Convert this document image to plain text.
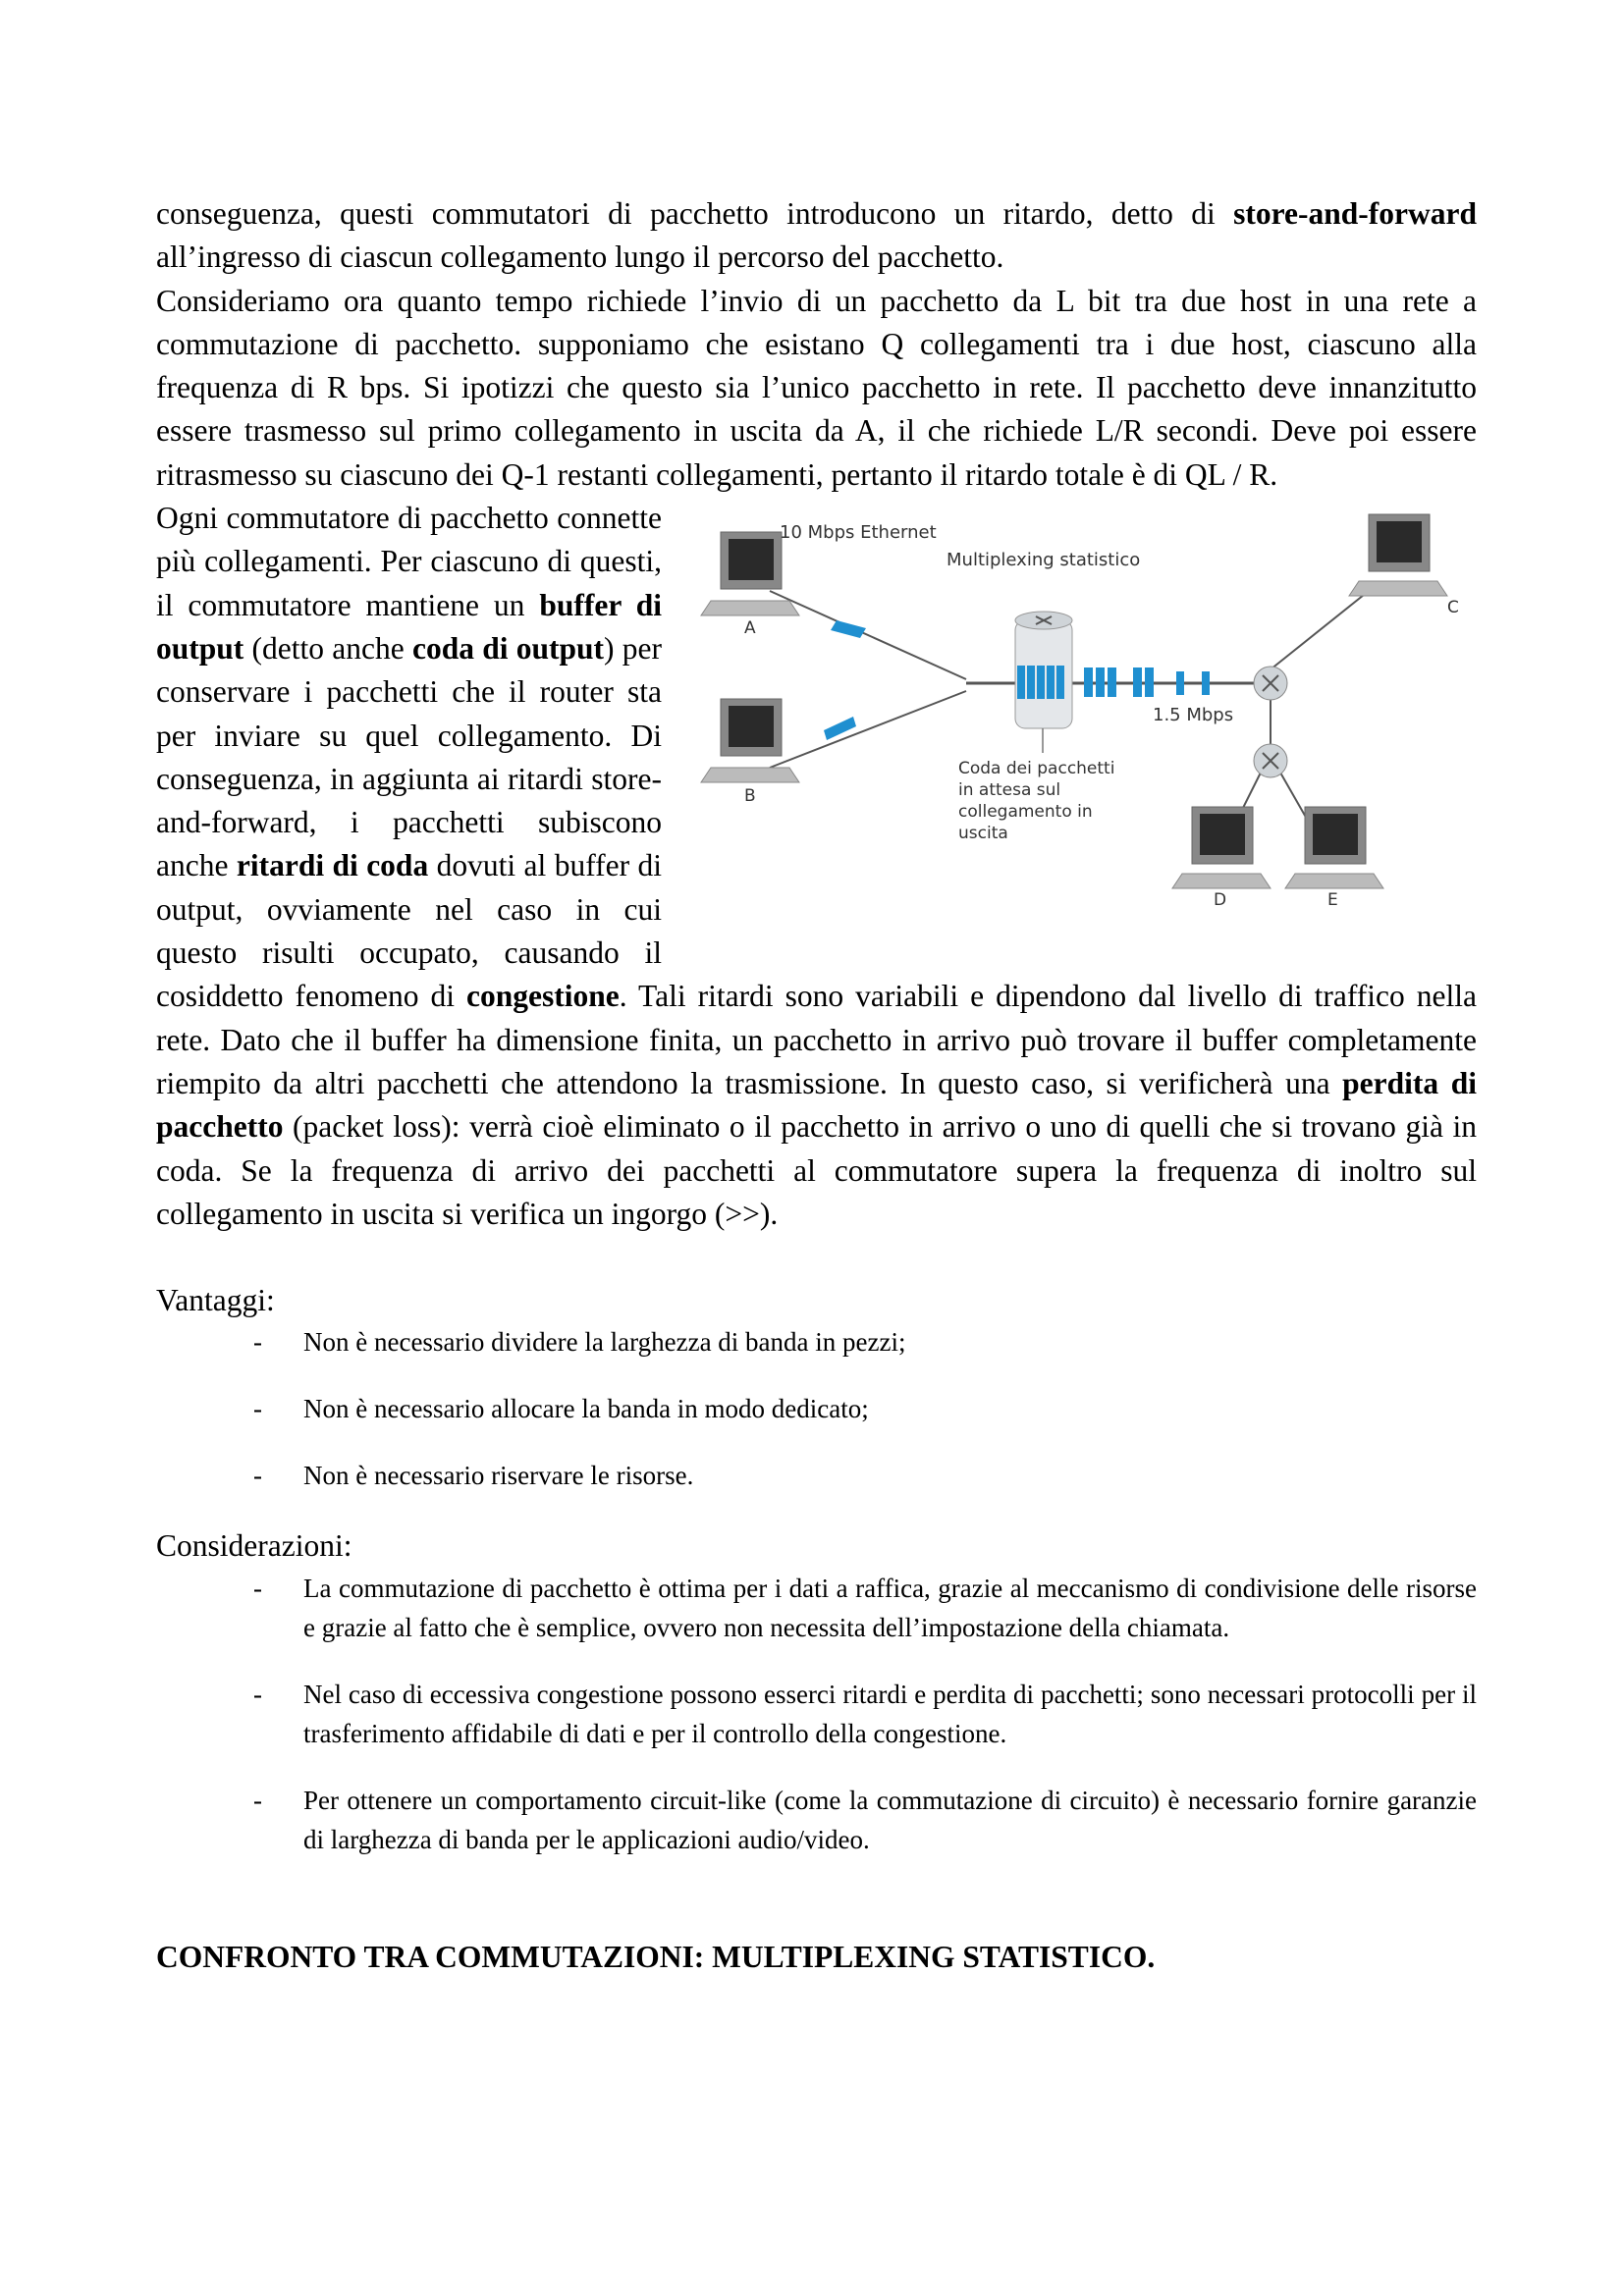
conseguenza, questi commutatori di pacchetto introducono un ritardo, detto di store-and-forward all’ingresso di ciascun collegamento lungo il percorso del pacchetto.

Consideriamo ora quanto tempo richiede l’invio di un pacchetto da L bit tra due host in una rete a commutazione di pacchetto. supponiamo che esistano Q collegamenti tra i due host, ciascuno alla frequenza di R bps. Si ipotizzi che questo sia l’unico pacchetto in rete. Il pacchetto deve innanzitutto essere trasmesso sul primo collegamento in uscita da A, il che richiede L/R secondi. Deve poi essere ritrasmesso su ciascuno dei Q-1 restanti collegamenti, pertanto il ritardo totale è di QL / R.

10 Mbps Ethernet
Multiplexing statistico
1.5 Mbps
Coda dei pacchetti
in attesa sul
collegamento in
uscita
A
B
C
D	E

Ogni commutatore di pacchetto connette più collegamenti. Per ciascuno di questi, il commutatore mantiene un buffer di output (detto anche coda di output) per conservare i pacchetti che il router sta per inviare su quel collegamento. Di conseguenza, in aggiunta ai ritardi store-and-forward, i pacchetti subiscono anche ritardi di coda dovuti al buffer di output, ovviamente nel caso in cui questo risulti occupato, causando il cosiddetto fenomeno di congestione. Tali ritardi sono variabili e dipendono dal livello di traffico nella rete. Dato che il buffer ha dimensione finita, un pacchetto in arrivo può trovare il buffer completamente riempito da altri pacchetti che attendono la trasmissione. In questo caso, si verificherà una perdita di pacchetto (packet loss): verrà cioè eliminato o il pacchetto in arrivo o uno di quelli che si trovano già in coda. Se la frequenza di arrivo dei pacchetti al commutatore supera la frequenza di inoltro sul collegamento in uscita si verifica un ingorgo (>>).

Vantaggi:

- Non è necessario dividere la larghezza di banda in pezzi;
- Non è necessario allocare la banda in modo dedicato;
- Non è necessario riservare le risorse.

Considerazioni:

- La commutazione di pacchetto è ottima per i dati a raffica, grazie al meccanismo di condivisione delle risorse e grazie al fatto che è semplice, ovvero non necessita dell’impostazione della chiamata.
- Nel caso di eccessiva congestione possono esserci ritardi e perdita di pacchetti; sono necessari protocolli per il trasferimento affidabile di dati e per il controllo della congestione.
- Per ottenere un comportamento circuit-like (come la commutazione di circuito) è necessario fornire garanzie di larghezza di banda per le applicazioni audio/video.

CONFRONTO TRA COMMUTAZIONI: MULTIPLEXING STATISTICO.
